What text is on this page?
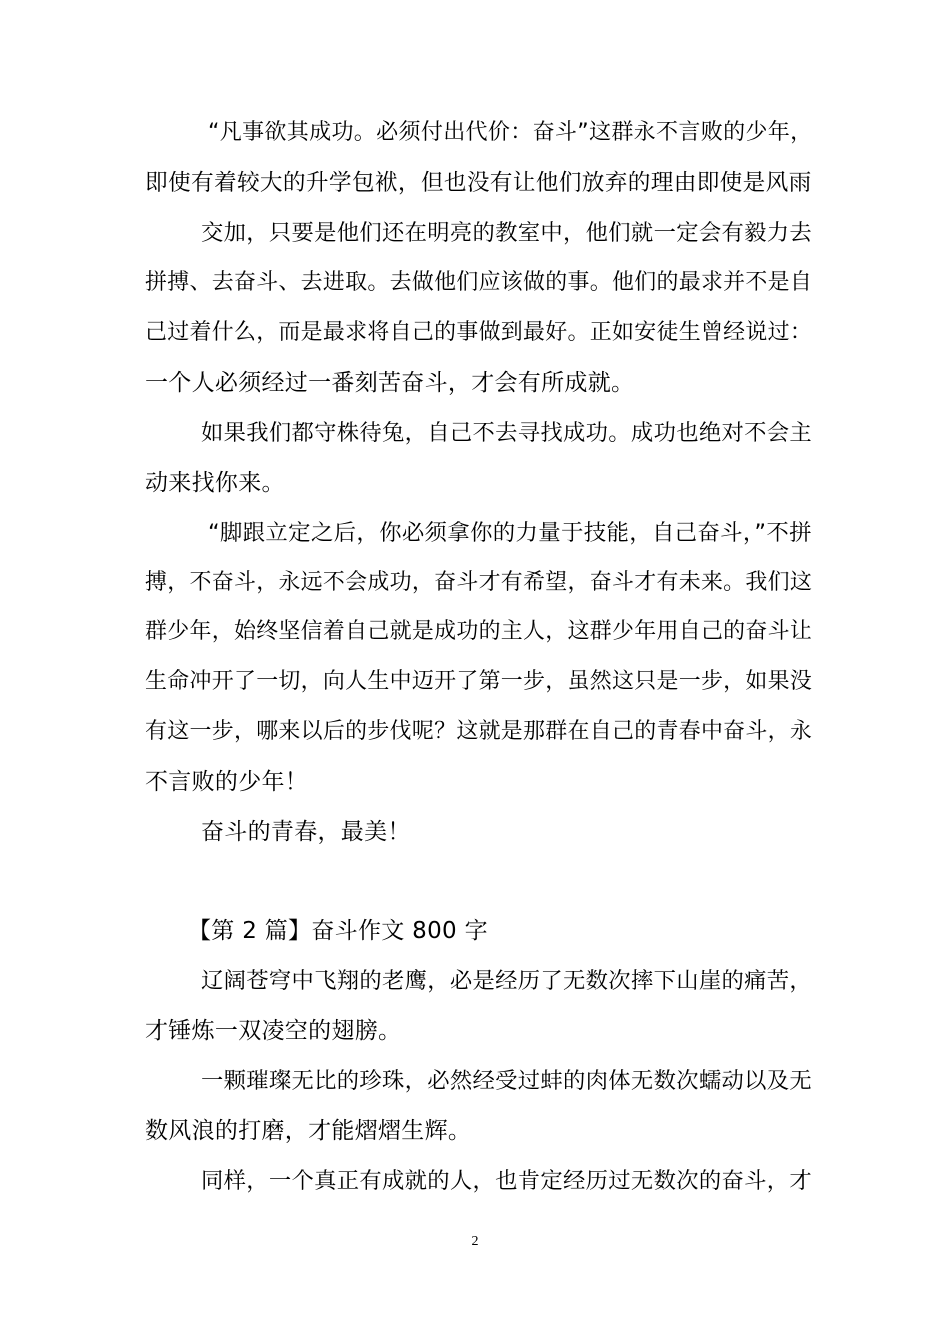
“凡事欲其成功。必须付出代价：奋斗”这群永不言败的少年，
即使有着较大的升学包袱，但也没有让他们放弃的理由即使是风雨
交加，只要是他们还在明亮的教室中，他们就一定会有毅力去
拼搏、去奋斗、去进取。去做他们应该做的事。他们的最求并不是自
己过着什么，而是最求将自己的事做到最好。正如安徒生曾经说过：
一个人必须经过一番刻苦奋斗，才会有所成就。
如果我们都守株待兔，自己不去寻找成功。成功也绝对不会主
动来找你来。
“脚跟立定之后，你必须拿你的力量于技能，自己奋斗，”不拼
搏，不奋斗，永远不会成功，奋斗才有希望，奋斗才有未来。我们这
群少年，始终坚信着自己就是成功的主人，这群少年用自己的奋斗让
生命冲开了一切，向人生中迈开了第一步，虽然这只是一步，如果没
有这一步，哪来以后的步伐呢？这就是那群在自己的青春中奋斗，永
不言败的少年！
奋斗的青春，最美！
【第 2 篇】奋斗作文 800 字
辽阔苍穹中飞翔的老鹰，必是经历了无数次摔下山崖的痛苦，
才锤炼一双凌空的翅膀。
一颗璀璨无比的珍珠，必然经受过蚌的肉体无数次蠕动以及无
数风浪的打磨，才能熠熠生辉。
同样，一个真正有成就的人，也肯定经历过无数次的奋斗，才
2
